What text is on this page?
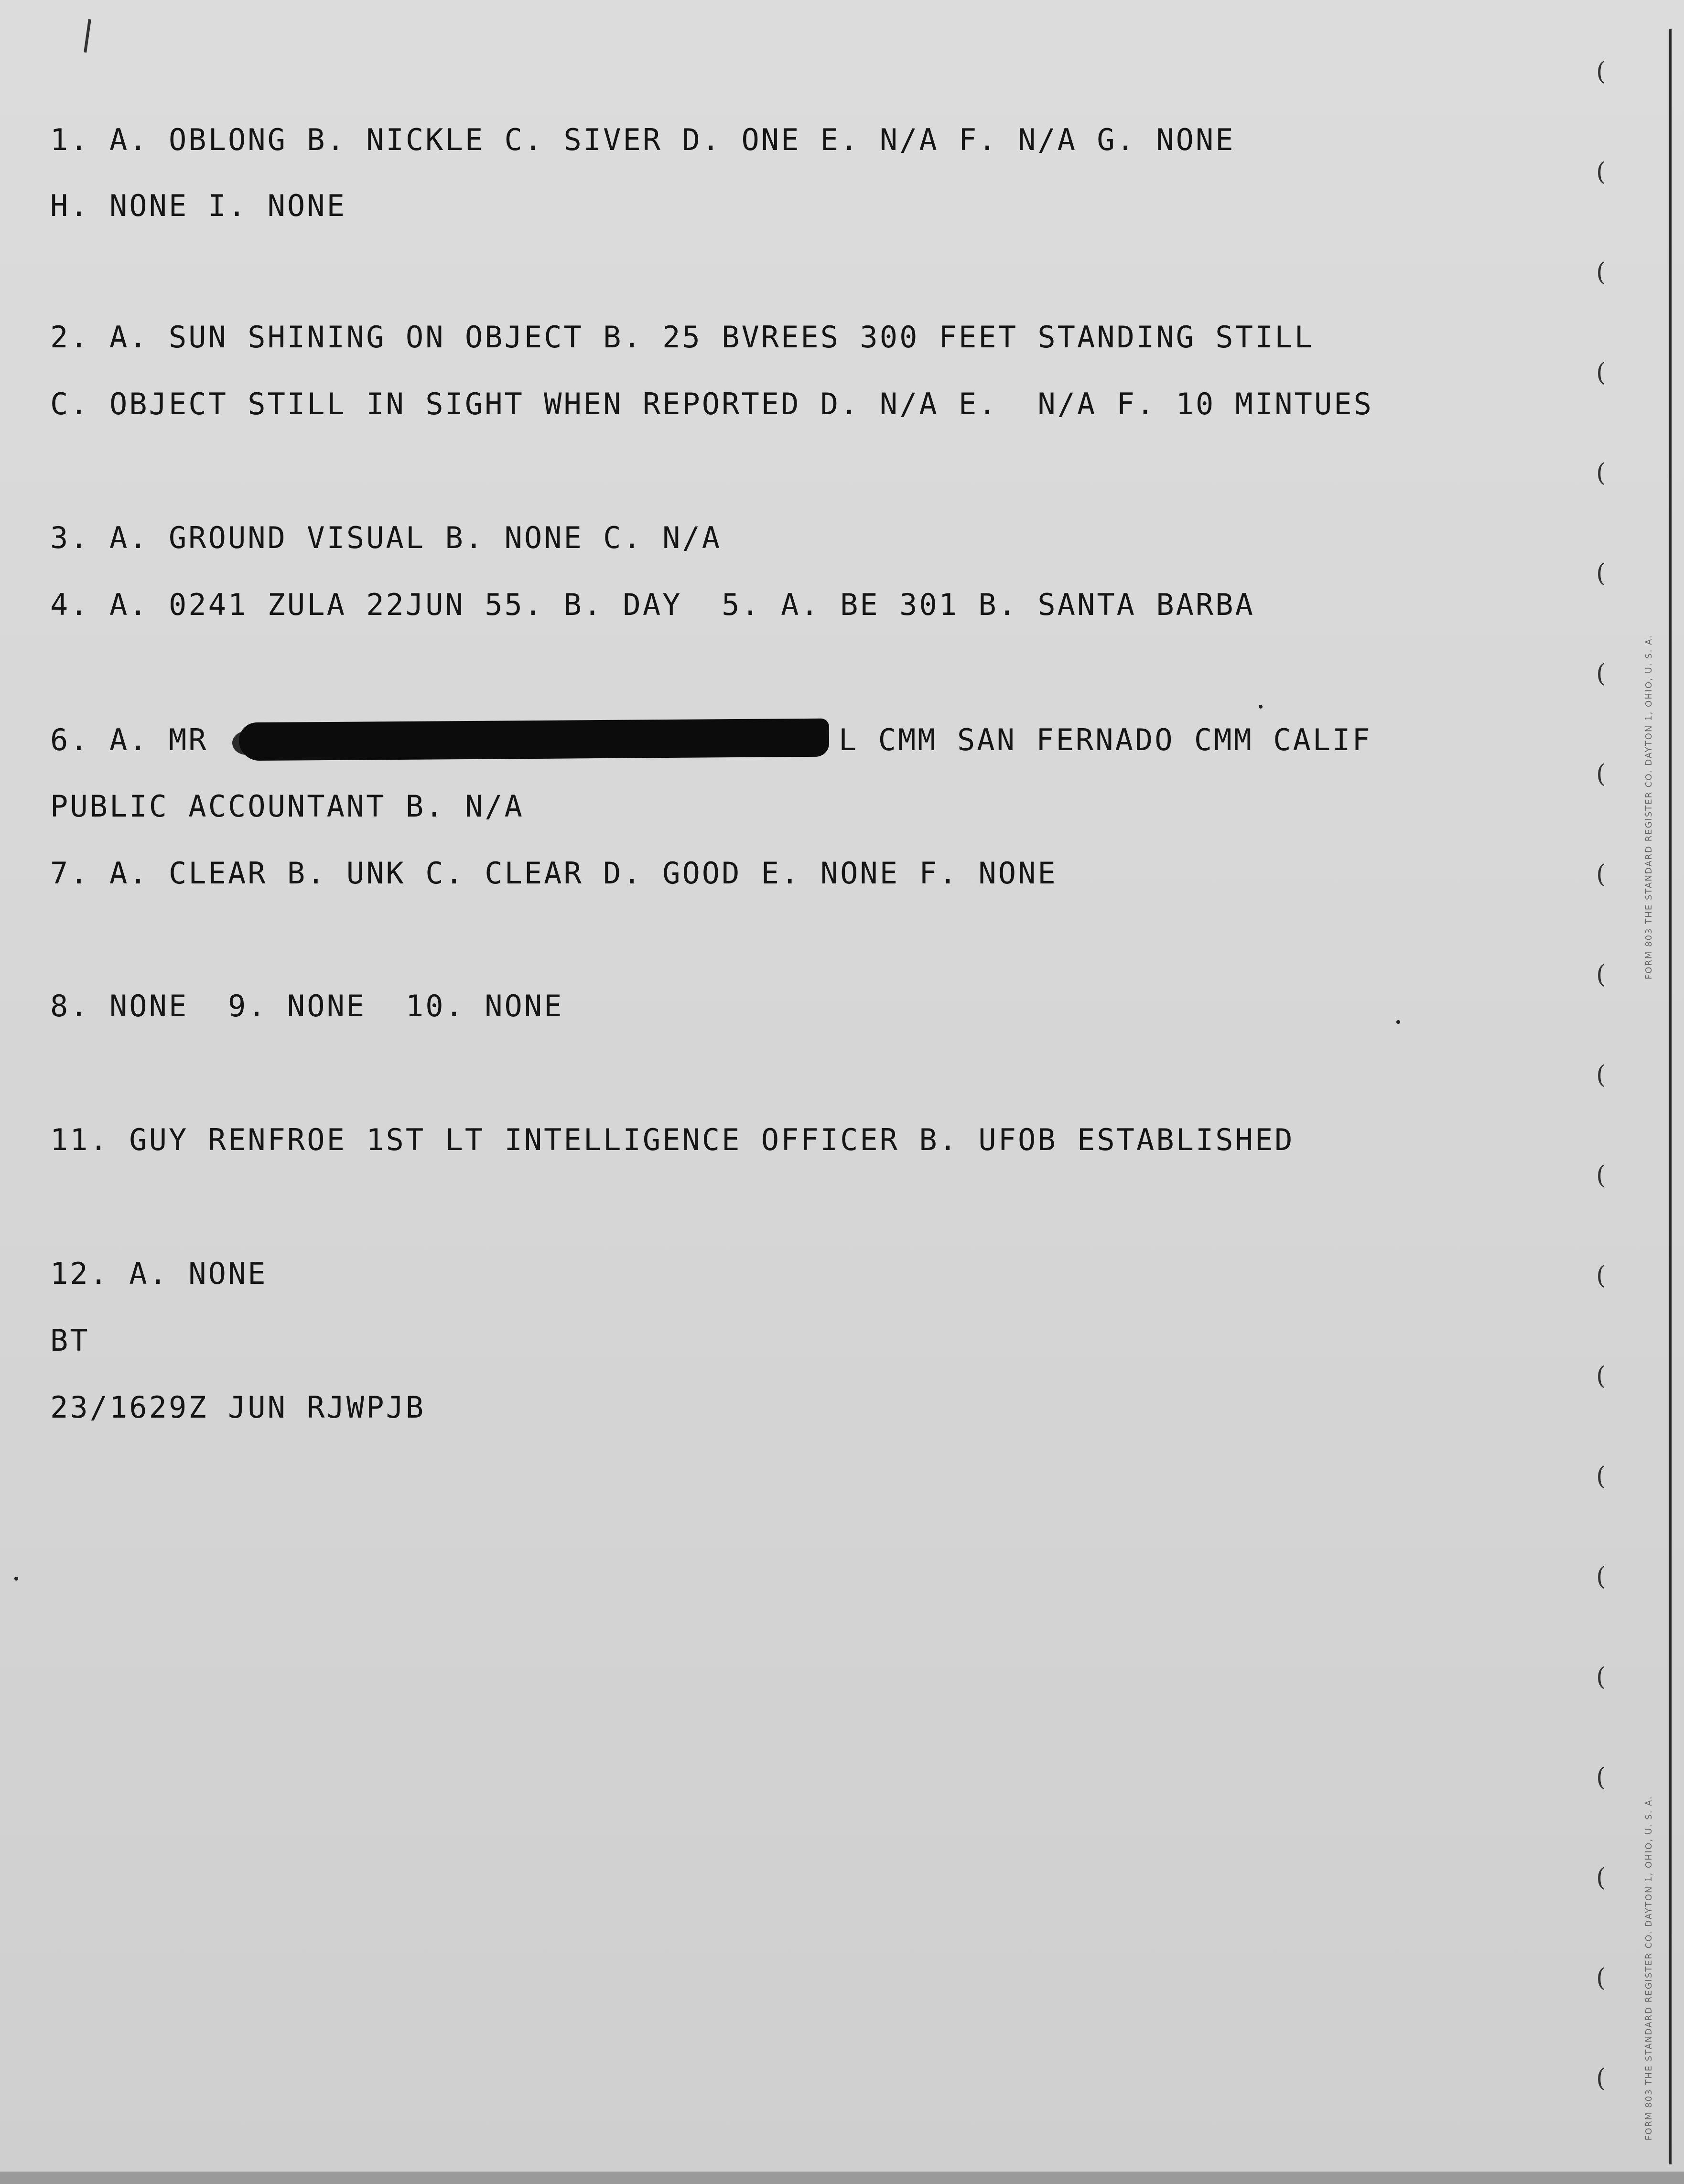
1. A. OBLONG B. NICKLE C. SIVER D. ONE E. N/A F. N/A G. NONE
H. NONE I. NONE
2. A. SUN SHINING ON OBJECT B. 25 BVREES 300 FEET STANDING STILL
C. OBJECT STILL IN SIGHT WHEN REPORTED D. N/A E.  N/A F. 10 MINTUES
3. A. GROUND VISUAL B. NONE C. N/A
4. A. 0241 ZULA 22JUN 55. B. DAY  5. A. BE 301 B. SANTA BARBA
6. A. MR	L CMM SAN FERNADO CMM CALIF
PUBLIC ACCOUNTANT B. N/A
7. A. CLEAR B. UNK C. CLEAR D. GOOD E. NONE F. NONE
8. NONE  9. NONE  10. NONE
11. GUY RENFROE 1ST LT INTELLIGENCE OFFICER B. UFOB ESTABLISHED
12. A. NONE
BT
23/1629Z JUN RJWPJB
(
(
(
(
(
(
(
(
(
(
(
(
(
(
(
(
(
(
(
(
(
FORM 803 THE STANDARD REGISTER CO. DAYTON 1, OHIO, U. S. A.
FORM 803 THE STANDARD REGISTER CO. DAYTON 1, OHIO, U. S. A.
